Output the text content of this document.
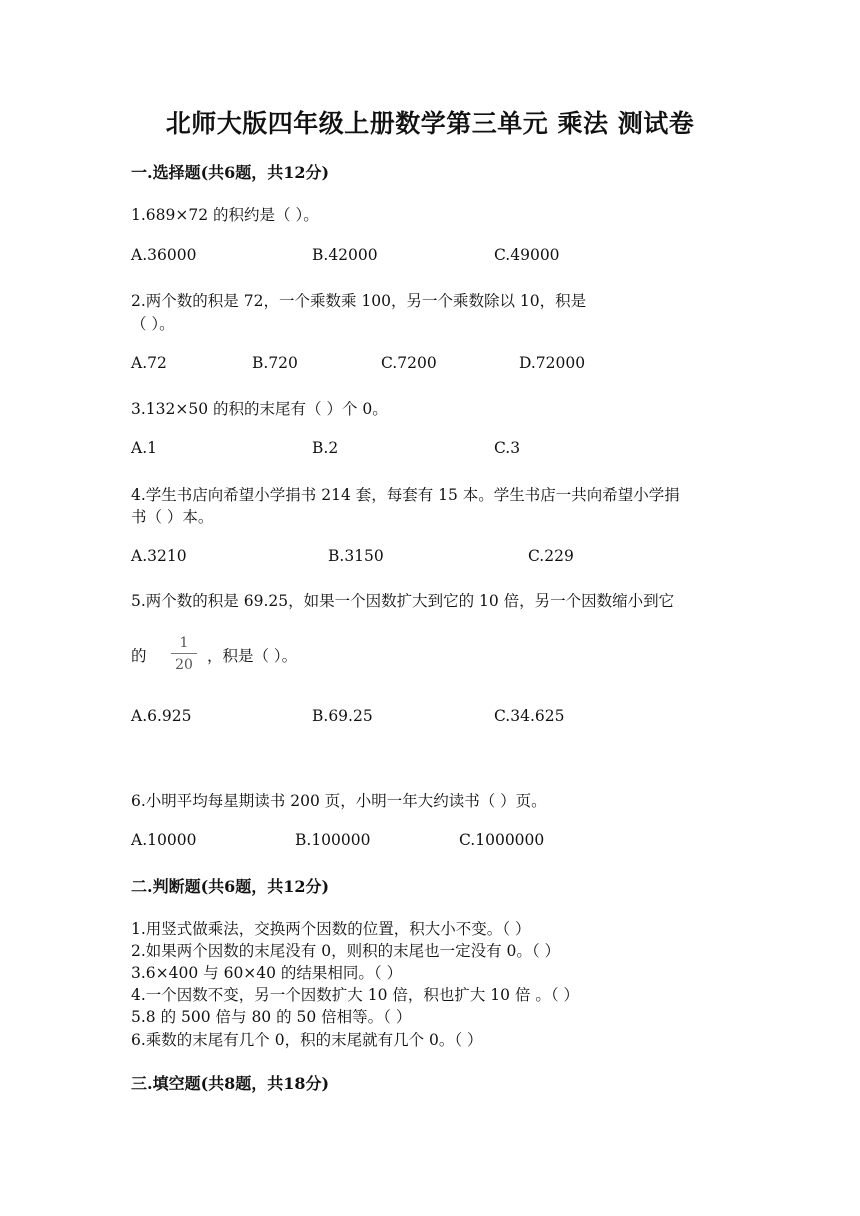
北师大版四年级上册数学第三单元 乘法 测试卷
一.选择题(共6题，共12分)
1.689×72 的积约是（ ）。
A.36000	B.42000	C.49000
2.两个数的积是 72，一个乘数乘 100，另一个乘数除以 10，积是
（ ）。
A.72	B.720	C.7200	D.72000
3.132×50 的积的末尾有（ ）个 0。
A.1	B.2	C.3
4.学生书店向希望小学捐书 214 套，每套有 15 本。学生书店一共向希望小学捐
书（ ）本。
A.3210	B.3150	C.229
5.两个数的积是 69.25，如果一个因数扩大到它的 10 倍，另一个因数缩小到它
的
1
20 ，积是（ ）。
A.6.925	B.69.25	C.34.625
6.小明平均每星期读书 200 页，小明一年大约读书（ ）页。
A.10000	B.100000	C.1000000
二.判断题(共6题，共12分)
1.用竖式做乘法，交换两个因数的位置，积大小不变。（ ）
2.如果两个因数的末尾没有 0，则积的末尾也一定没有 0。（ ）
3.6×400 与 60×40 的结果相同。（ ）
4.一个因数不变，另一个因数扩大 10 倍，积也扩大 10 倍 。（ ）
5.8 的 500 倍与 80 的 50 倍相等。（ ）
6.乘数的末尾有几个 0，积的末尾就有几个 0。（ ）
三.填空题(共8题，共18分)
